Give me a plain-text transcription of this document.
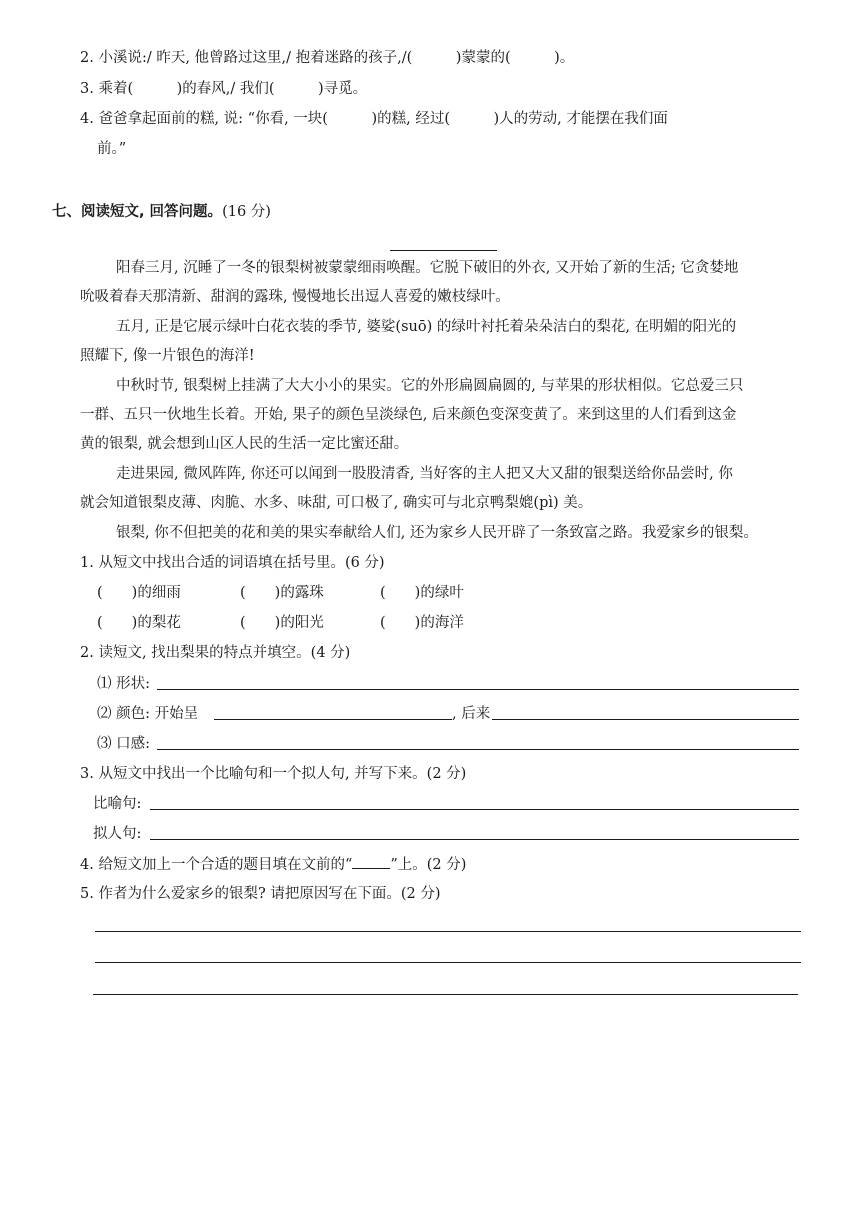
2. 小溪说:/ 昨天, 他曾路过这里,/ 抱着迷路的孩子,/(　　　)蒙蒙的(　　　)。
3. 乘着(　　　)的春风,/ 我们(　　　)寻觅。
4. 爸爸拿起面前的糕, 说: “你看, 一块(　　　)的糕, 经过(　　　)人的劳动, 才能摆在我们面
前。”
七、阅读短文, 回答问题。(16 分)
阳春三月, 沉睡了一冬的银梨树被蒙蒙细雨唤醒。它脱下破旧的外衣, 又开始了新的生活; 它贪婪地
吮吸着春天那清新、甜润的露珠, 慢慢地长出逗人喜爱的嫩枝绿叶。
五月, 正是它展示绿叶白花衣装的季节, 婆娑(suō) 的绿叶衬托着朵朵洁白的梨花, 在明媚的阳光的
照耀下, 像一片银色的海洋!
中秋时节, 银梨树上挂满了大大小小的果实。它的外形扁圆扁圆的, 与苹果的形状相似。它总爱三只
一群、五只一伙地生长着。开始, 果子的颜色呈淡绿色, 后来颜色变深变黄了。来到这里的人们看到这金
黄的银梨, 就会想到山区人民的生活一定比蜜还甜。
走进果园, 微风阵阵, 你还可以闻到一股股清香, 当好客的主人把又大又甜的银梨送给你品尝时, 你
就会知道银梨皮薄、肉脆、水多、味甜, 可口极了, 确实可与北京鸭梨媲(pì) 美。
银梨, 你不但把美的花和美的果实奉献给人们, 还为家乡人民开辟了一条致富之路。我爱家乡的银梨。
1. 从短文中找出合适的词语填在括号里。(6 分)
(　　)的细雨	(　　)的露珠	(　　)的绿叶
(　　)的梨花	(　　)的阳光	(　　)的海洋
2. 读短文, 找出梨果的特点并填空。(4 分)
⑴ 形状:
⑵ 颜色: 开始呈	, 后来
⑶ 口感:
3. 从短文中找出一个比喻句和一个拟人句, 并写下来。(2 分)
比喻句:
拟人句:
4. 给短文加上一个合适的题目填在文前的“	”上。(2 分)
5. 作者为什么爱家乡的银梨? 请把原因写在下面。(2 分)
